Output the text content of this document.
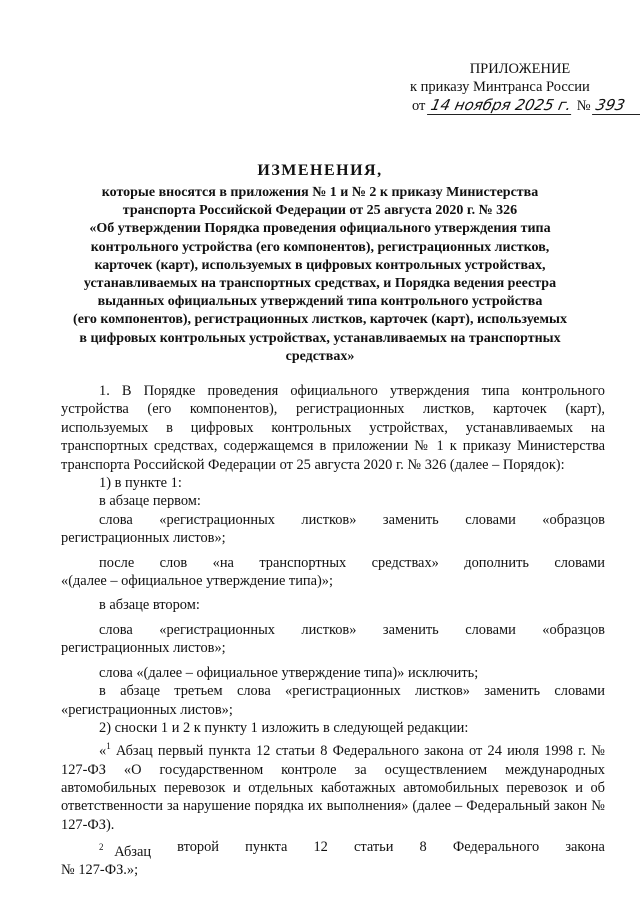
ПРИЛОЖЕНИЕ
к приказу Минтранса России
от 14 ноября 2025 г. № 393
ИЗМЕНЕНИЯ,
которые вносятся в приложения № 1 и № 2 к приказу Министерства
транспорта Российской Федерации от 25 августа 2020 г. № 326
«Об утверждении Порядка проведения официального утверждения типа
контрольного устройства (его компонентов), регистрационных листков,
карточек (карт), используемых в цифровых контрольных устройствах,
устанавливаемых на транспортных средствах, и Порядка ведения реестра
выданных официальных утверждений типа контрольного устройства
(его компонентов), регистрационных листков, карточек (карт), используемых
в цифровых контрольных устройствах, устанавливаемых на транспортных
средствах»

1. В Порядке проведения официального утверждения типа контрольного устройства (его компонентов), регистрационных листков, карточек (карт), используемых в цифровых контрольных устройствах, устанавливаемых на транспортных средствах, содержащемся в приложении № 1 к приказу Министерства транспорта Российской Федерации от 25 августа 2020 г. № 326 (далее – Порядок):

1) в пункте 1:

в абзаце первом:

слова «регистрационных листков» заменить словами «образцов

регистрационных листов»;

после слов «на транспортных средствах» дополнить словами

«(далее – официальное утверждение типа)»;

в абзаце втором:

слова «регистрационных листков» заменить словами «образцов

регистрационных листов»;

слова «(далее – официальное утверждение типа)» исключить;

в абзаце третьем слова «регистрационных листков» заменить словами «регистрационных листов»;

2) сноски 1 и 2 к пункту 1 изложить в следующей редакции:

«$^1$ Абзац первый пункта 12 статьи 8 Федерального закона от 24 июля 1998 г. № 127-ФЗ «О государственном контроле за осуществлением международных автомобильных перевозок и отдельных каботажных автомобильных перевозок и об ответственности за нарушение порядка их выполнения» (далее – Федеральный закон № 127-ФЗ).

$^2$ Абзац второй пункта 12 статьи 8 Федерального закона

№ 127-ФЗ.»;
